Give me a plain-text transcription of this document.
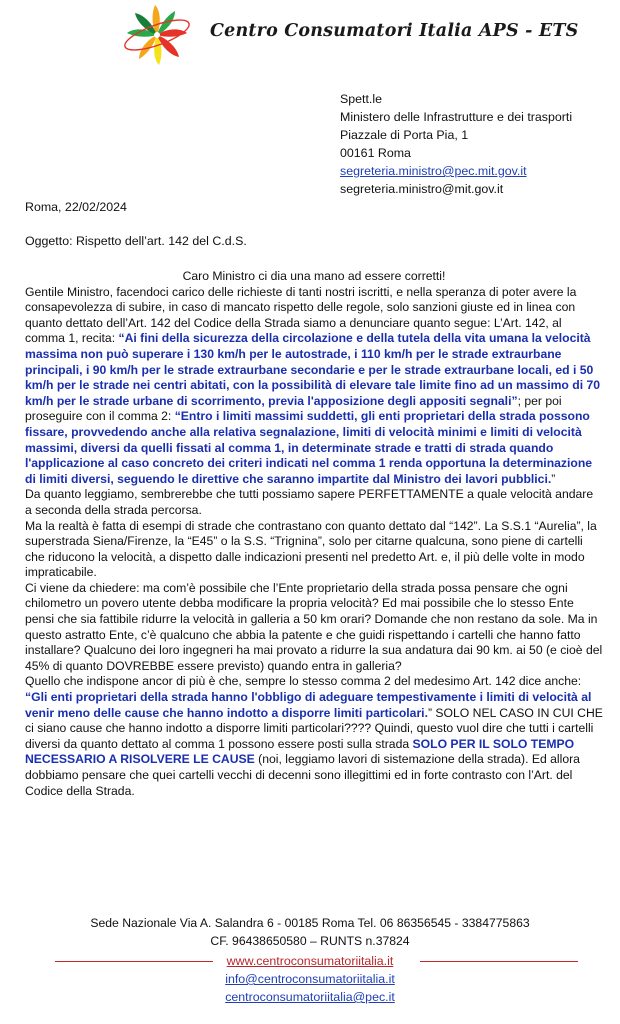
Centro Consumatori Italia APS - ETS
Spett.le
Ministero delle Infrastrutture e dei trasporti
Piazzale di Porta Pia, 1
00161 Roma
segreteria.ministro@pec.mit.gov.it
segreteria.ministro@mit.gov.it
Roma, 22/02/2024
Oggetto: Rispetto dell’art. 142 del C.d.S.
Caro Ministro ci dia una mano ad essere corretti!

Gentile Ministro, facendoci carico delle richieste di tanti nostri iscritti, e nella speranza di poter avere la consapevolezza di subire, in caso di mancato rispetto delle regole, solo sanzioni giuste ed in linea con quanto dettato dell’Art. 142 del Codice della Strada siamo a denunciare quanto segue: L’Art. 142, al comma 1, recita: “Ai fini della sicurezza della circolazione e della tutela della vita umana la velocità massima non può superare i 130 km/h per le autostrade, i 110 km/h per le strade extraurbane principali, i 90 km/h per le strade extraurbane secondarie e per le strade extraurbane locali, ed i 50 km/h per le strade nei centri abitati, con la possibilità di elevare tale limite fino ad un massimo di 70 km/h per le strade urbane di scorrimento, previa l'apposizione degli appositi segnali”; per poi proseguire con il comma 2: “Entro i limiti massimi suddetti, gli enti proprietari della strada possono fissare, provvedendo anche alla relativa segnalazione, limiti di velocità minimi e limiti di velocità massimi, diversi da quelli fissati al comma 1, in determinate strade e tratti di strada quando l'applicazione al caso concreto dei criteri indicati nel comma 1 renda opportuna la determinazione di limiti diversi, seguendo le direttive che saranno impartite dal Ministro dei lavori pubblici.”

Da quanto leggiamo, sembrerebbe che tutti possiamo sapere PERFETTAMENTE a quale velocità andare a seconda della strada percorsa.

Ma la realtà è fatta di esempi di strade che contrastano con quanto dettato dal “142”. La S.S.1 “Aurelia”, la superstrada Siena/Firenze, la “E45” o la S.S. “Trignina”, solo per citarne qualcuna, sono piene di cartelli che riducono la velocità, a dispetto dalle indicazioni presenti nel predetto Art. e, il più delle volte in modo impraticabile.

Ci viene da chiedere: ma com’è possibile che l’Ente proprietario della strada possa pensare che ogni chilometro un povero utente debba modificare la propria velocità? Ed mai possibile che lo stesso Ente pensi che sia fattibile ridurre la velocità in galleria a 50 km orari? Domande che non restano da sole. Ma in questo astratto Ente, c’è qualcuno che abbia la patente e che guidi rispettando i cartelli che hanno fatto installare? Qualcuno dei loro ingegneri ha mai provato a ridurre la sua andatura dai 90 km. ai 50 (e cioè del 45% di quanto DOVREBBE essere previsto) quando entra in galleria?

Quello che indispone ancor di più è che, sempre lo stesso comma 2 del medesimo Art. 142 dice anche: “Gli enti proprietari della strada hanno l'obbligo di adeguare tempestivamente i limiti di velocità al venir meno delle cause che hanno indotto a disporre limiti particolari.” SOLO NEL CASO IN CUI CHE ci siano cause che hanno indotto a disporre limiti particolari???? Quindi, questo vuol dire che tutti i cartelli diversi da quanto dettato al comma 1 possono essere posti sulla strada SOLO PER IL SOLO TEMPO NECESSARIO A RISOLVERE LE CAUSE (noi, leggiamo lavori di sistemazione della strada). Ed allora dobbiamo pensare che quei cartelli vecchi di decenni sono illegittimi ed in forte contrasto con l’Art. del Codice della Strada.

Sede Nazionale Via A. Salandra 6 - 00185 Roma Tel. 06 86356545 - 3384775863
CF. 96438650580 – RUNTS n.37824
www.centroconsumatoriitalia.it
info@centroconsumatoriitalia.it
centroconsumatoriitalia@pec.it
